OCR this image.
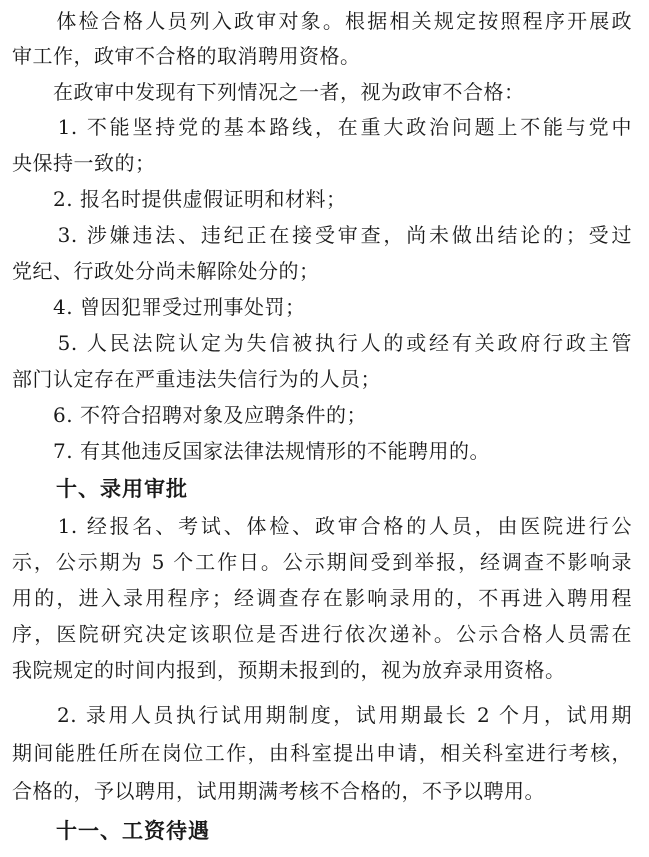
　　体检合格人员列入政审对象。根据相关规定按照程序开展政
审工作，政审不合格的取消聘用资格。
　　在政审中发现有下列情况之一者，视为政审不合格：
　　1. 不能坚持党的基本路线，在重大政治问题上不能与党中
央保持一致的；
　　2. 报名时提供虚假证明和材料；
　　3. 涉嫌违法、违纪正在接受审查，尚未做出结论的；受过
党纪、行政处分尚未解除处分的；
　　4. 曾因犯罪受过刑事处罚；
　　5. 人民法院认定为失信被执行人的或经有关政府行政主管
部门认定存在严重违法失信行为的人员；
　　6. 不符合招聘对象及应聘条件的；
　　7. 有其他违反国家法律法规情形的不能聘用的。
　　十、录用审批
　　1. 经报名、考试、体检、政审合格的人员，由医院进行公
示，公示期为 5 个工作日。公示期间受到举报，经调查不影响录
用的，进入录用程序；经调查存在影响录用的，不再进入聘用程
序，医院研究决定该职位是否进行依次递补。公示合格人员需在
我院规定的时间内报到，预期未报到的，视为放弃录用资格。
　　2. 录用人员执行试用期制度，试用期最长 2 个月，试用期
期间能胜任所在岗位工作，由科室提出申请，相关科室进行考核，
合格的，予以聘用，试用期满考核不合格的，不予以聘用。
　　十一、工资待遇
